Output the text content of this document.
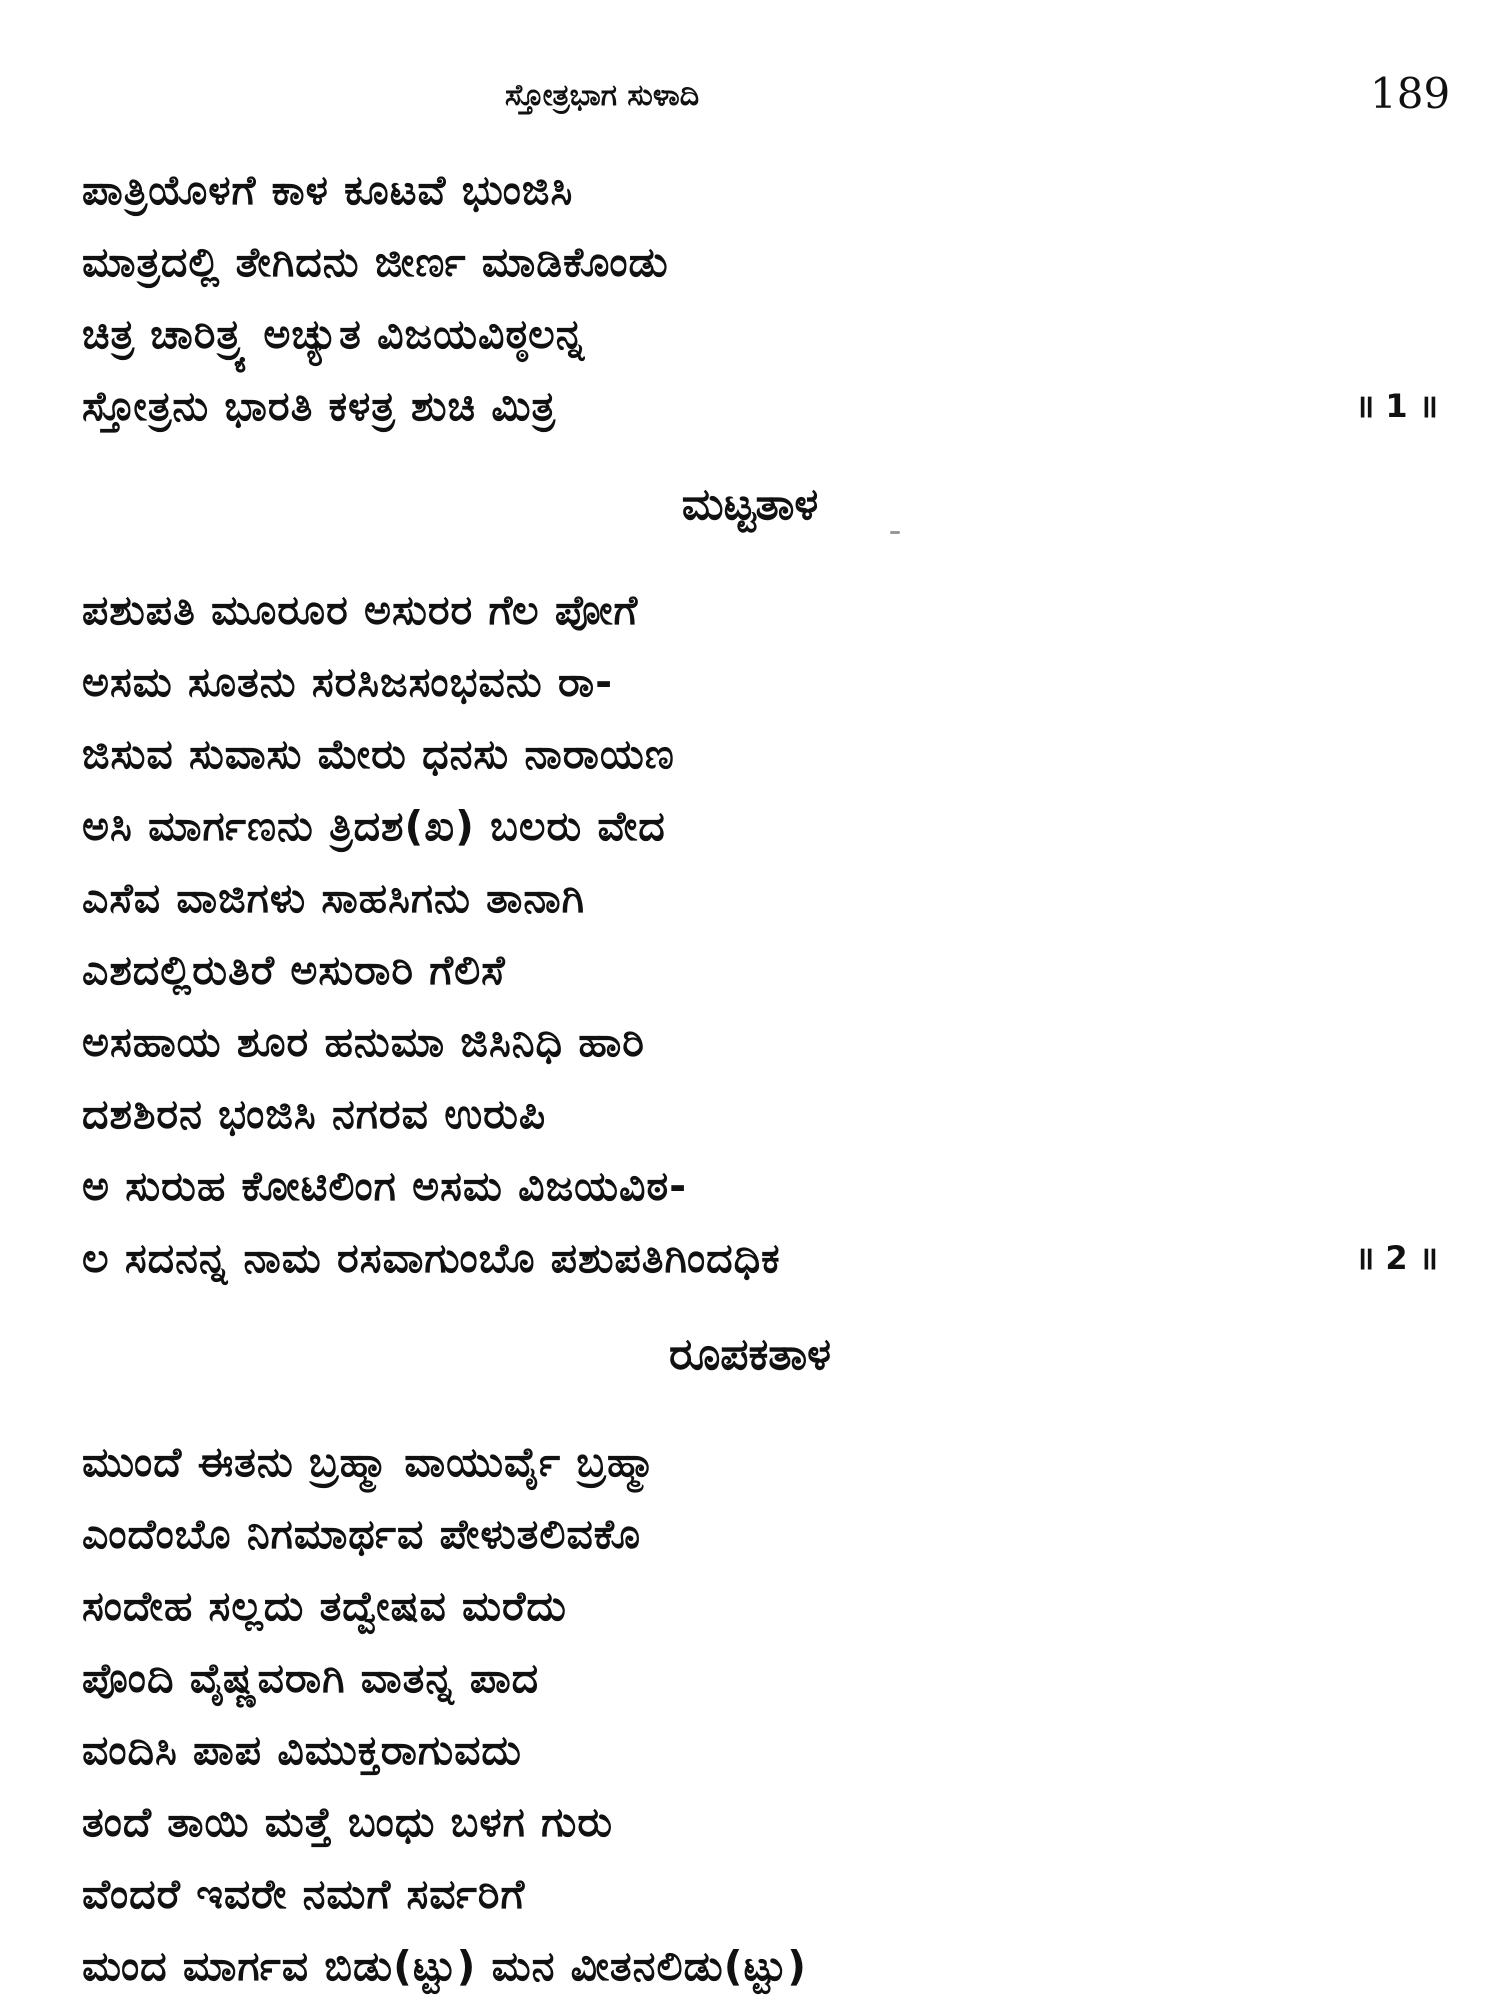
ಸ್ತೋತ್ರಭಾಗ ಸುಳಾದಿ	189
ಪಾತ್ರಿಯೊಳಗೆ ಕಾಳ ಕೂಟವೆ ಭುಂಜಿಸಿ
ಮಾತ್ರದಲ್ಲಿ ತೇಗಿದನು ಜೀರ್ಣ ಮಾಡಿಕೊಂಡು
ಚಿತ್ರ ಚಾರಿತ್ರ್ಯ ಅಚ್ಯುತ ವಿಜಯವಿಠ್ಠಲನ್ನ
ಸ್ತೋತ್ರನು ಭಾರತಿ ಕಳತ್ರ ಶುಚಿ ಮಿತ್ರ	॥ 1 ॥
ಮಟ್ಟತಾಳ
ಪಶುಪತಿ ಮೂರೂರ ಅಸುರರ ಗೆಲ ಪೋಗೆ
ಅಸಮ ಸೂತನು ಸರಸಿಜಸಂಭವನು ರಾ-
ಜಿಸುವ ಸುವಾಸು ಮೇರು ಧನಸು ನಾರಾಯಣ
ಅಸಿ ಮಾರ್ಗಣನು ತ್ರಿದಶ(ಖ) ಬಲರು ವೇದ
ಎಸೆವ ವಾಜಿಗಳು ಸಾಹಸಿಗನು ತಾನಾಗಿ
ಎಶದಲ್ಲಿರುತಿರೆ ಅಸುರಾರಿ ಗೆಲಿಸೆ
ಅಸಹಾಯ ಶೂರ ಹನುಮಾ ಜಿಸಿನಿಧಿ ಹಾರಿ
ದಶಶಿರನ ಭಂಜಿಸಿ ನಗರವ ಉರುಪಿ
ಅ ಸುರುಹ ಕೋಟಿಲಿಂಗ ಅಸಮ ವಿಜಯವಿಠ-
ಲ ಸದನನ್ನ ನಾಮ ರಸವಾಗುಂಬೊ ಪಶುಪತಿಗಿಂದಧಿಕ	॥ 2 ॥
ರೂಪಕತಾಳ
ಮುಂದೆ ಈತನು ಬ್ರಹ್ಮಾ ವಾಯುರ್ವೈ ಬ್ರಹ್ಮಾ
ಎಂದೆಂಬೊ ನಿಗಮಾರ್ಥವ ಪೇಳುತಲಿವಕೊ
ಸಂದೇಹ ಸಲ್ಲದು ತದ್ವೇಷವ ಮರೆದು
ಪೊಂದಿ ವೈಷ್ಣವರಾಗಿ ವಾತನ್ನ ಪಾದ
ವಂದಿಸಿ ಪಾಪ ವಿಮುಕ್ತರಾಗುವದು
ತಂದೆ ತಾಯಿ ಮತ್ತೆ ಬಂಧು ಬಳಗ ಗುರು
ವೆಂದರೆ ಇವರೇ ನಮಗೆ ಸರ್ವರಿಗೆ
ಮಂದ ಮಾರ್ಗವ ಬಿಡು(ಟ್ಟು) ಮನ ವೀತನಲಿಡು(ಟ್ಟು)
